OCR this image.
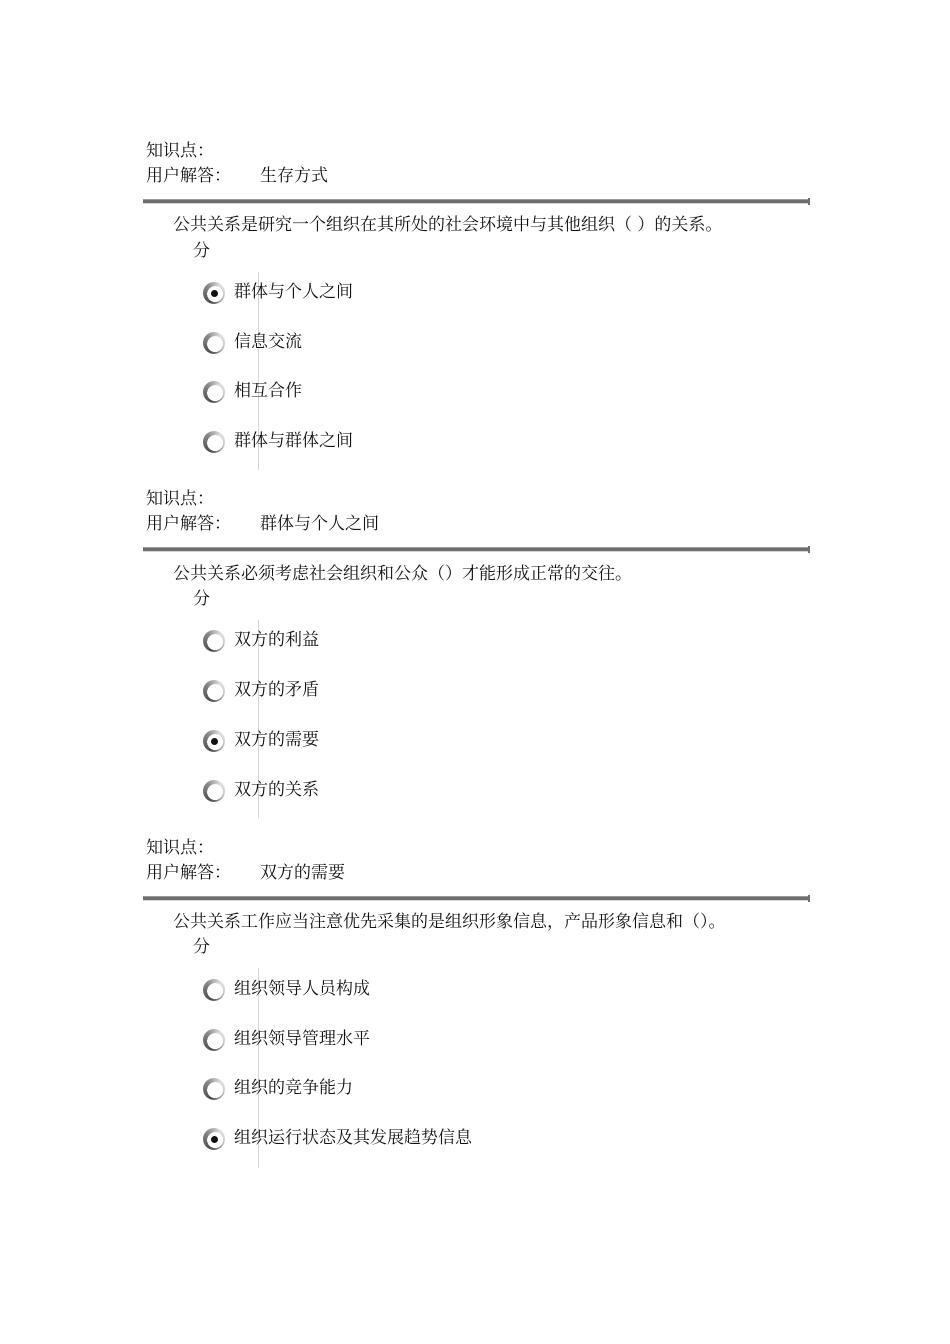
知识点：
用户解答： 生存方式
公共关系是研究一个组织在其所处的社会环境中与其他组织（ ）的关系。
分
群体与个人之间
信息交流
相互合作
群体与群体之间
知识点：
用户解答： 群体与个人之间
公共关系必须考虑社会组织和公众（）才能形成正常的交往。
分
双方的利益
双方的矛盾
双方的需要
双方的关系
知识点：
用户解答： 双方的需要
公共关系工作应当注意优先采集的是组织形象信息，产品形象信息和（）。
分
组织领导人员构成
组织领导管理水平
组织的竞争能力
组织运行状态及其发展趋势信息
